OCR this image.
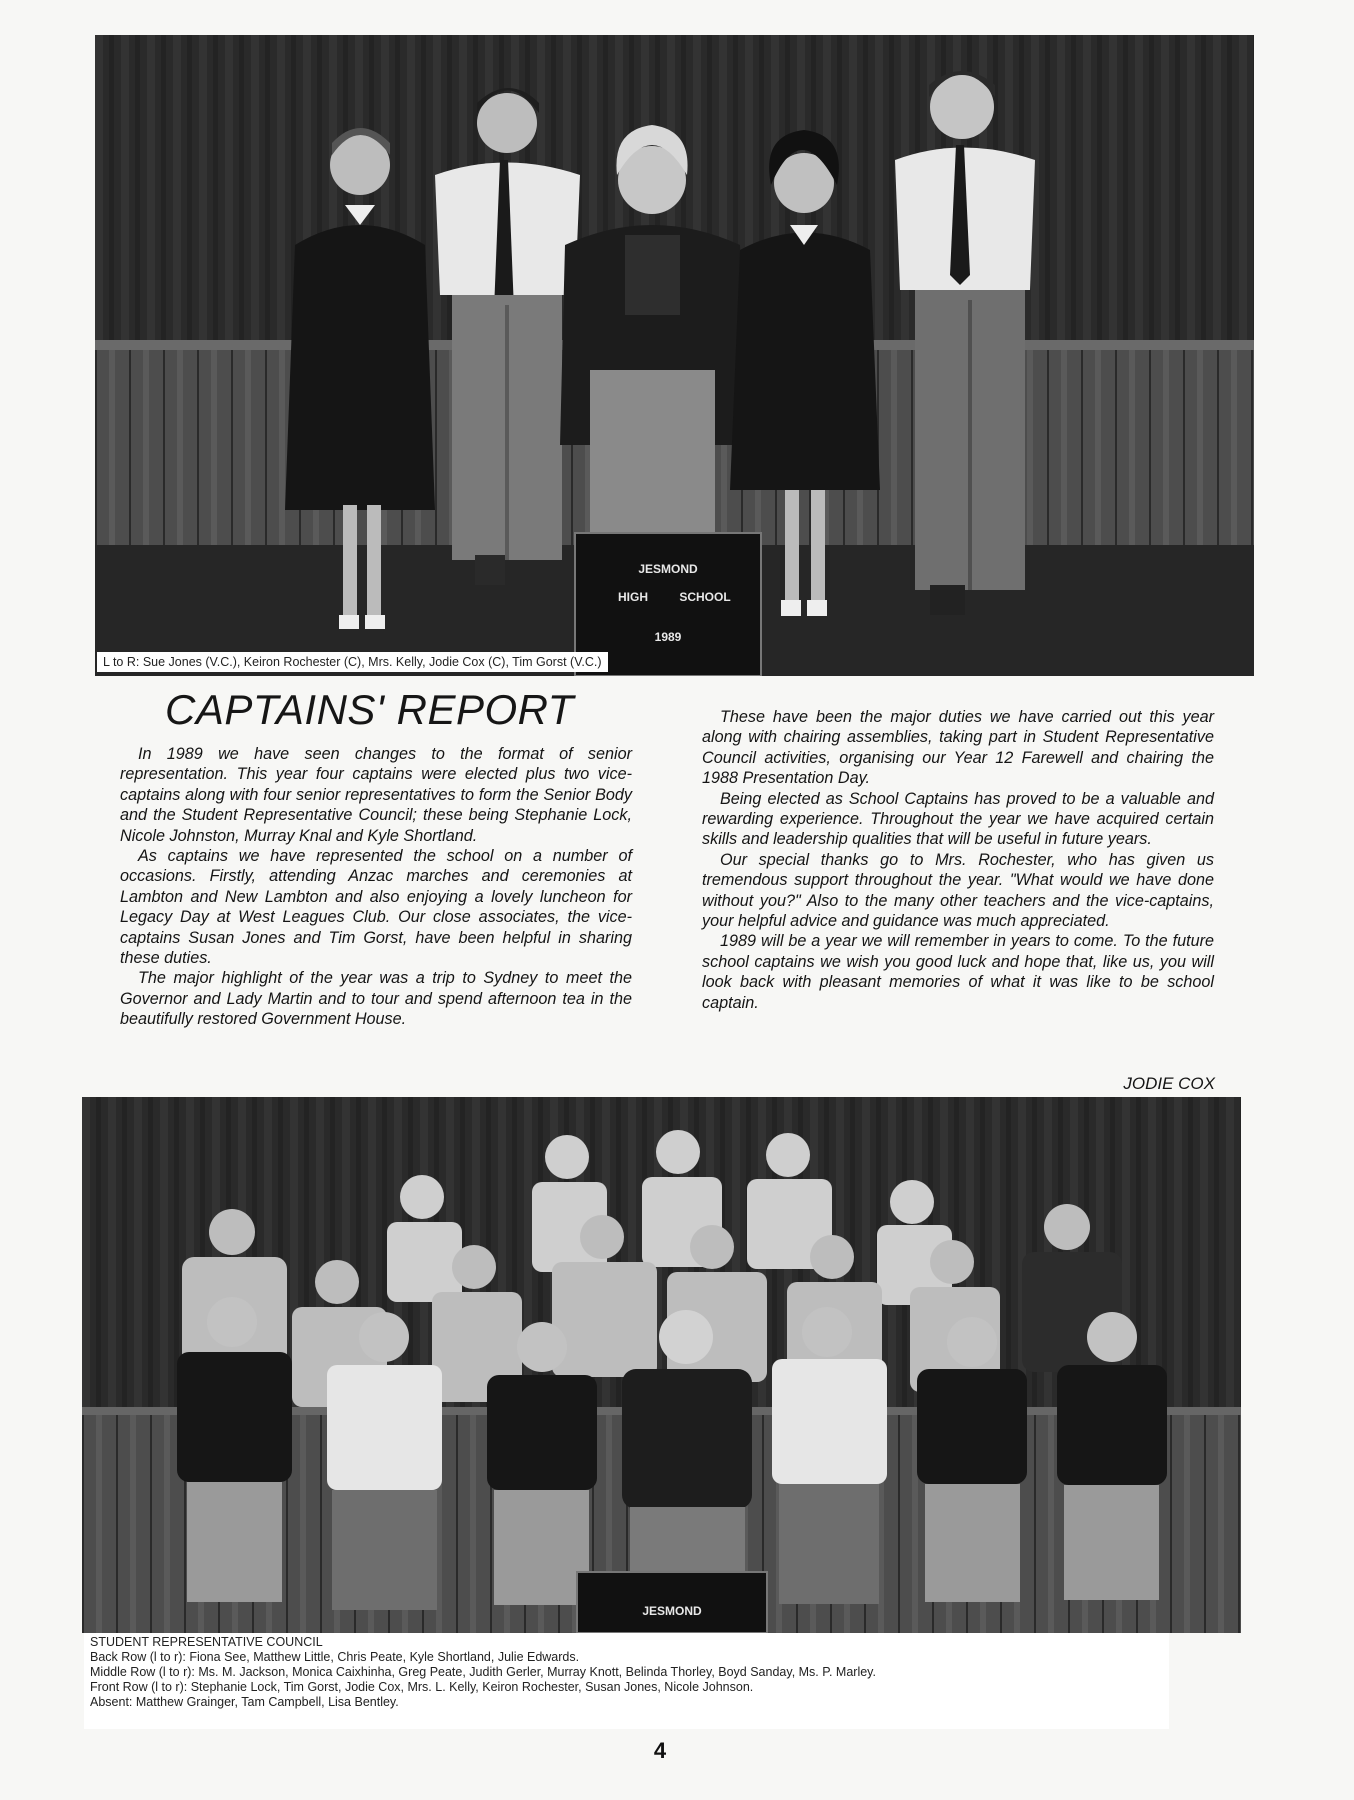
JESMOND
HIGH	SCHOOL
1989
L to R: Sue Jones (V.C.), Keiron Rochester (C), Mrs. Kelly, Jodie Cox (C), Tim Gorst (V.C.)
CAPTAINS' REPORT

In 1989 we have seen changes to the format of senior representation. This year four captains were elected plus two vice-captains along with four senior representatives to form the Senior Body and the Student Representative Council; these being Stephanie Lock, Nicole Johnston, Murray Knal and Kyle Shortland.

As captains we have represented the school on a number of occasions. Firstly, attending Anzac marches and ceremonies at Lambton and New Lambton and also enjoying a lovely luncheon for Legacy Day at West Leagues Club. Our close associates, the vice-captains Susan Jones and Tim Gorst, have been helpful in sharing these duties.

The major highlight of the year was a trip to Sydney to meet the Governor and Lady Martin and to tour and spend afternoon tea in the beautifully restored Government House.

These have been the major duties we have carried out this year along with chairing assemblies, taking part in Student Representative Council activities, organising our Year 12 Farewell and chairing the 1988 Presentation Day.

Being elected as School Captains has proved to be a valuable and rewarding experience. Throughout the year we have acquired certain skills and leadership qualities that will be useful in future years.

Our special thanks go to Mrs. Rochester, who has given us tremendous support throughout the year. "What would we have done without you?" Also to the many other teachers and the vice-captains, your helpful advice and guidance was much appreciated.

1989 will be a year we will remember in years to come. To the future school captains we wish you good luck and hope that, like us, you will look back with pleasant memories of what it was like to be school captain.

JODIE COX
JESMOND
STUDENT REPRESENTATIVE COUNCIL
Back Row (l to r): Fiona See, Matthew Little, Chris Peate, Kyle Shortland, Julie Edwards.
Middle Row (l to r): Ms. M. Jackson, Monica Caixhinha, Greg Peate, Judith Gerler, Murray Knott, Belinda Thorley, Boyd Sanday, Ms. P. Marley.
Front Row (l to r): Stephanie Lock, Tim Gorst, Jodie Cox, Mrs. L. Kelly, Keiron Rochester, Susan Jones, Nicole Johnson.
Absent: Matthew Grainger, Tam Campbell, Lisa Bentley.
4
